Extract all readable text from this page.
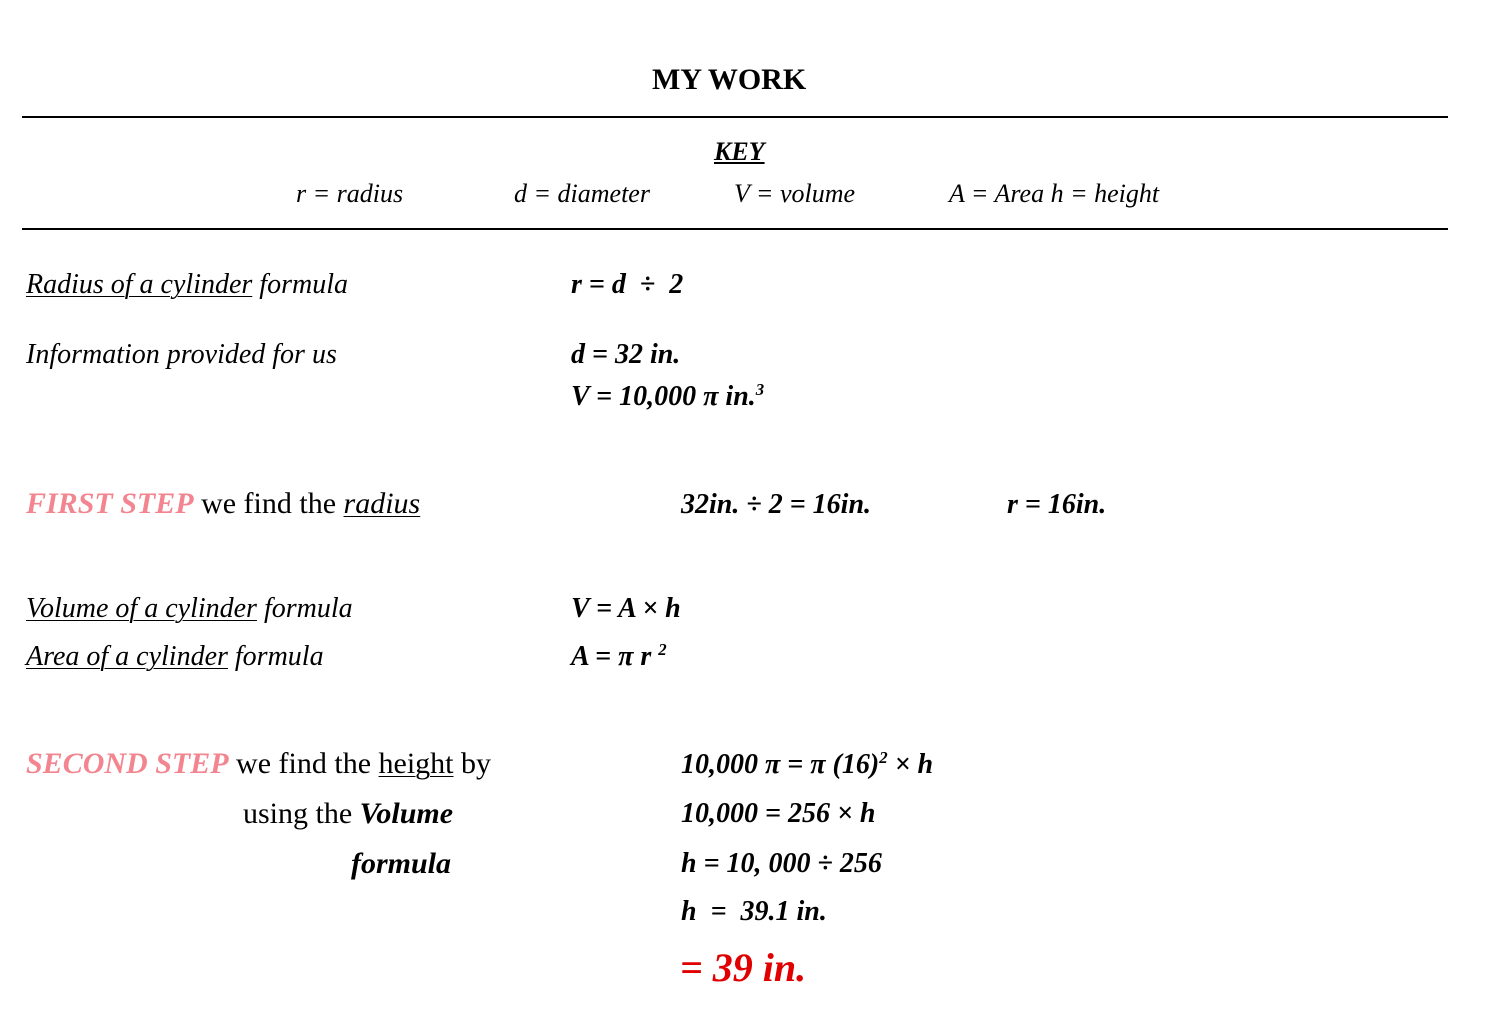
MY WORK
KEY
r = radius	d = diameter	V = volume	A = Area h = height
Radius of a cylinder formula	r = d  ÷  2
Information provided for us	d = 32 in.
V = 10,000 π in.$^3$
FIRST STEP we find the radius	32in. ÷ 2 = 16in.	r = 16in.
Volume of a cylinder formula	V = A × h
Area of a cylinder formula	A = π r $^2$
SECOND STEP we find the height by
using the Volume
formula
10,000 π = π $(16)^2 \times h$
10,000 = 256 × h
h = 10, 000 ÷ 256
h  =  39.1 in.
= 39 in.
